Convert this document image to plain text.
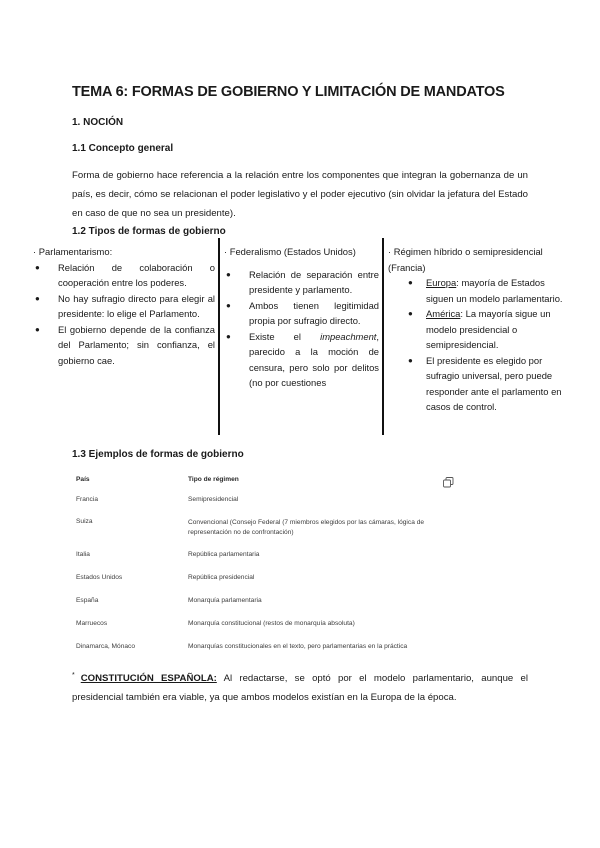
TEMA 6: FORMAS DE GOBIERNO Y LIMITACIÓN DE MANDATOS
1. NOCIÓN
1.1 Concepto general
Forma de gobierno hace referencia a la relación entre los componentes que integran la gobernanza de un país, es decir, cómo se relacionan el poder legislativo y el poder ejecutivo (sin olvidar la jefatura del Estado en caso de que no sea un presidente).
1.2 Tipos de formas de gobierno
· Parlamentarismo:
● Relación de colaboración o cooperación entre los poderes.
● No hay sufragio directo para elegir al presidente: lo elige el Parlamento.
● El gobierno depende de la confianza del Parlamento; sin confianza, el gobierno cae.
· Federalismo (Estados Unidos)
● Relación de separación entre presidente y parlamento.
● Ambos tienen legitimidad propia por sufragio directo.
● Existe el impeachment, parecido a la moción de censura, pero solo por delitos (no por cuestiones
· Régimen híbrido o semipresidencial (Francia)
● Europa: mayoría de Estados siguen un modelo parlamentario.
● América: La mayoría sigue un modelo presidencial o semipresidencial.
● El presidente es elegido por sufragio universal, pero puede responder ante el parlamento en casos de control.
1.3 Ejemplos de formas de gobierno
País	Tipo de régimen
Francia	Semipresidencial
Suiza	Convencional (Consejo Federal (7 miembros elegidos por las cámaras, lógica de representación no de confrontación)
Italia	República parlamentaria
Estados Unidos	República presidencial
España	Monarquía parlamentaria
Marruecos	Monarquía constitucional (restos de monarquía absoluta)
Dinamarca, Mónaco	Monarquías constitucionales en el texto, pero parlamentarias en la práctica
* CONSTITUCIÓN ESPAÑOLA: Al redactarse, se optó por el modelo parlamentario, aunque el presidencial también era viable, ya que ambos modelos existían en la Europa de la época.
